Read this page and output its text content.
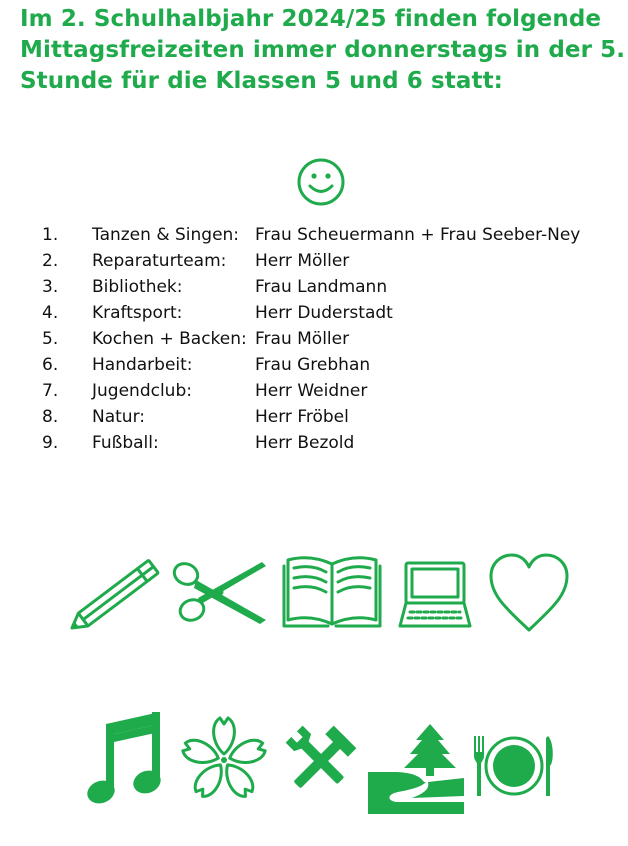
Im 2. Schulhalbjahr 2024/25 finden folgende
Mittagsfreizeiten immer donnerstags in der 5.
Stunde für die Klassen 5 und 6 statt:
1. Tanzen & Singen: Frau Scheuermann + Frau Seeber-Ney
2. Reparaturteam: Herr Möller
3. Bibliothek:	Frau Landmann
4. Kraftsport:	Herr Duderstadt
5. Kochen + Backen: Frau Möller
6. Handarbeit:	Frau Grebhan
7. Jugendclub:	Herr Weidner
8. Natur:	Herr Fröbel
9. Fußball:	Herr Bezold
